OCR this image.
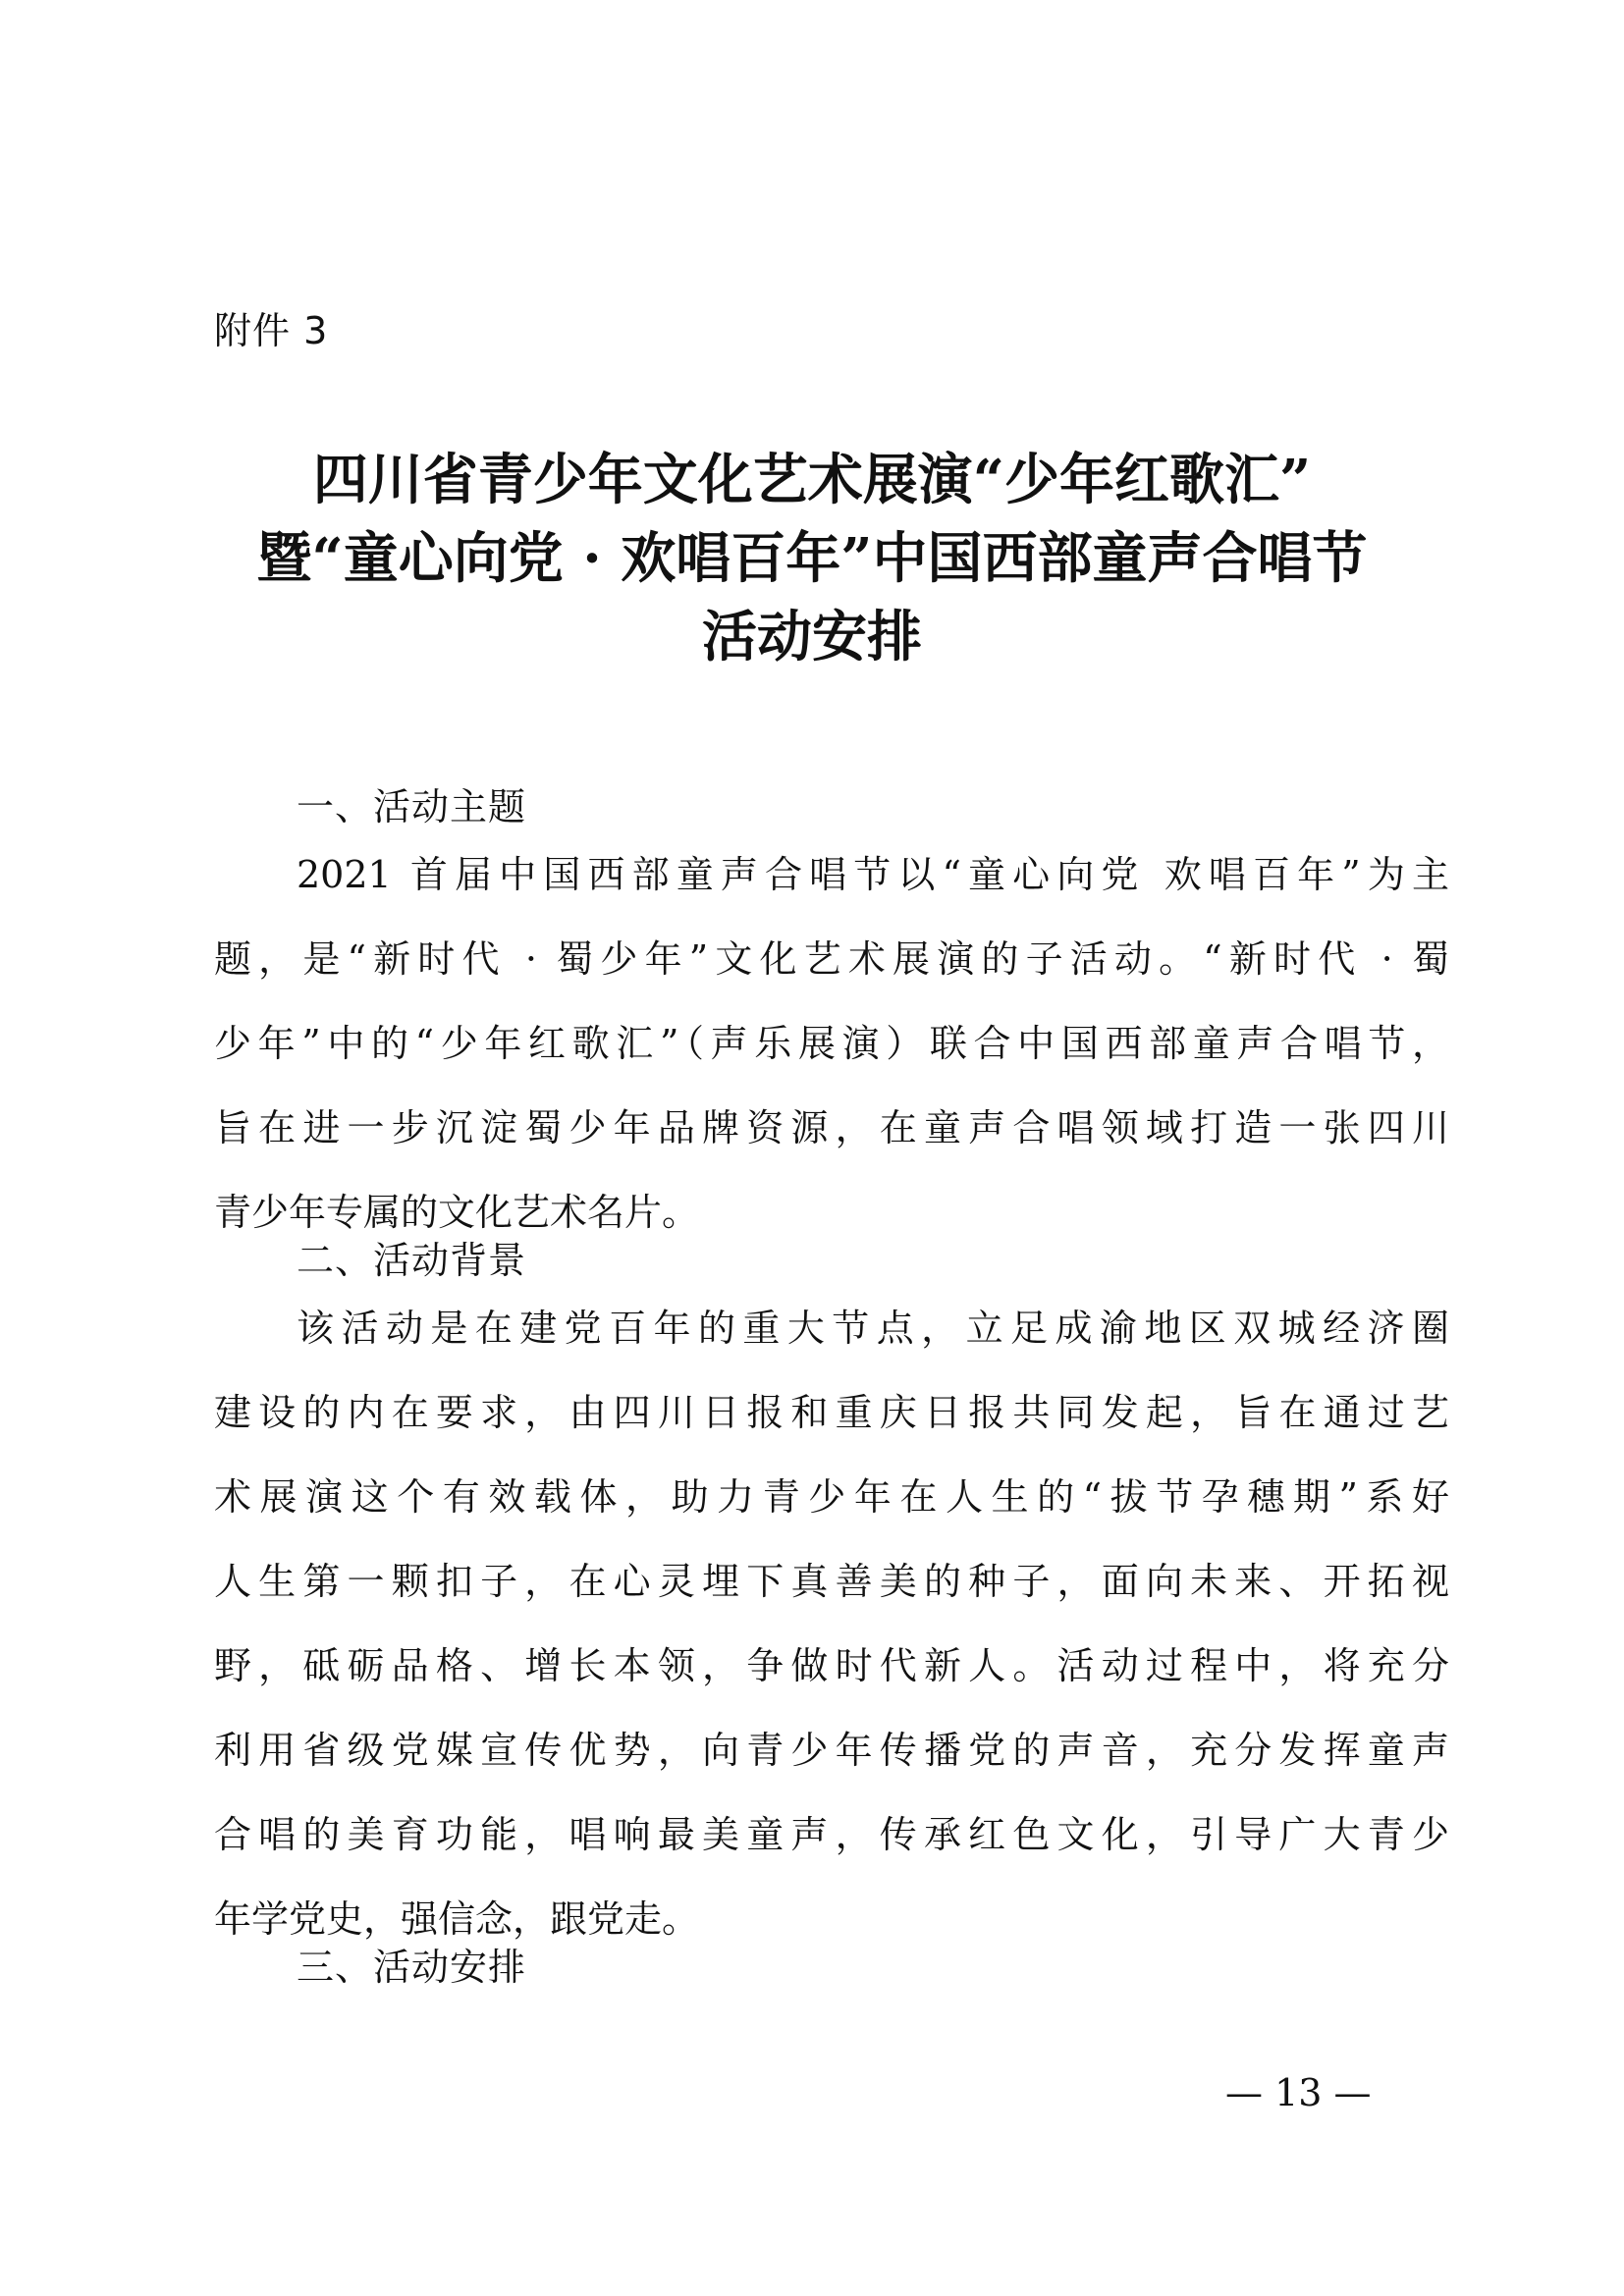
附件 3
四川省青少年文化艺术展演“少年红歌汇”
暨“童心向党 · 欢唱百年”中国西部童声合唱节
活动安排
一、活动主题
2021 首届中国西部童声合唱节以“童心向党 欢唱百年”为主
题，是“新时代 · 蜀少年”文化艺术展演的子活动。“新时代 · 蜀
少年”中的“少年红歌汇”（声乐展演）联合中国西部童声合唱节，
旨在进一步沉淀蜀少年品牌资源，在童声合唱领域打造一张四川
青少年专属的文化艺术名片。
二、活动背景
该活动是在建党百年的重大节点，立足成渝地区双城经济圈
建设的内在要求，由四川日报和重庆日报共同发起，旨在通过艺
术展演这个有效载体，助力青少年在人生的“拔节孕穗期”系好
人生第一颗扣子，在心灵埋下真善美的种子，面向未来、开拓视
野，砥砺品格、增长本领，争做时代新人。活动过程中，将充分
利用省级党媒宣传优势，向青少年传播党的声音，充分发挥童声
合唱的美育功能，唱响最美童声，传承红色文化，引导广大青少
年学党史，强信念，跟党走。
三、活动安排
— 13 —
